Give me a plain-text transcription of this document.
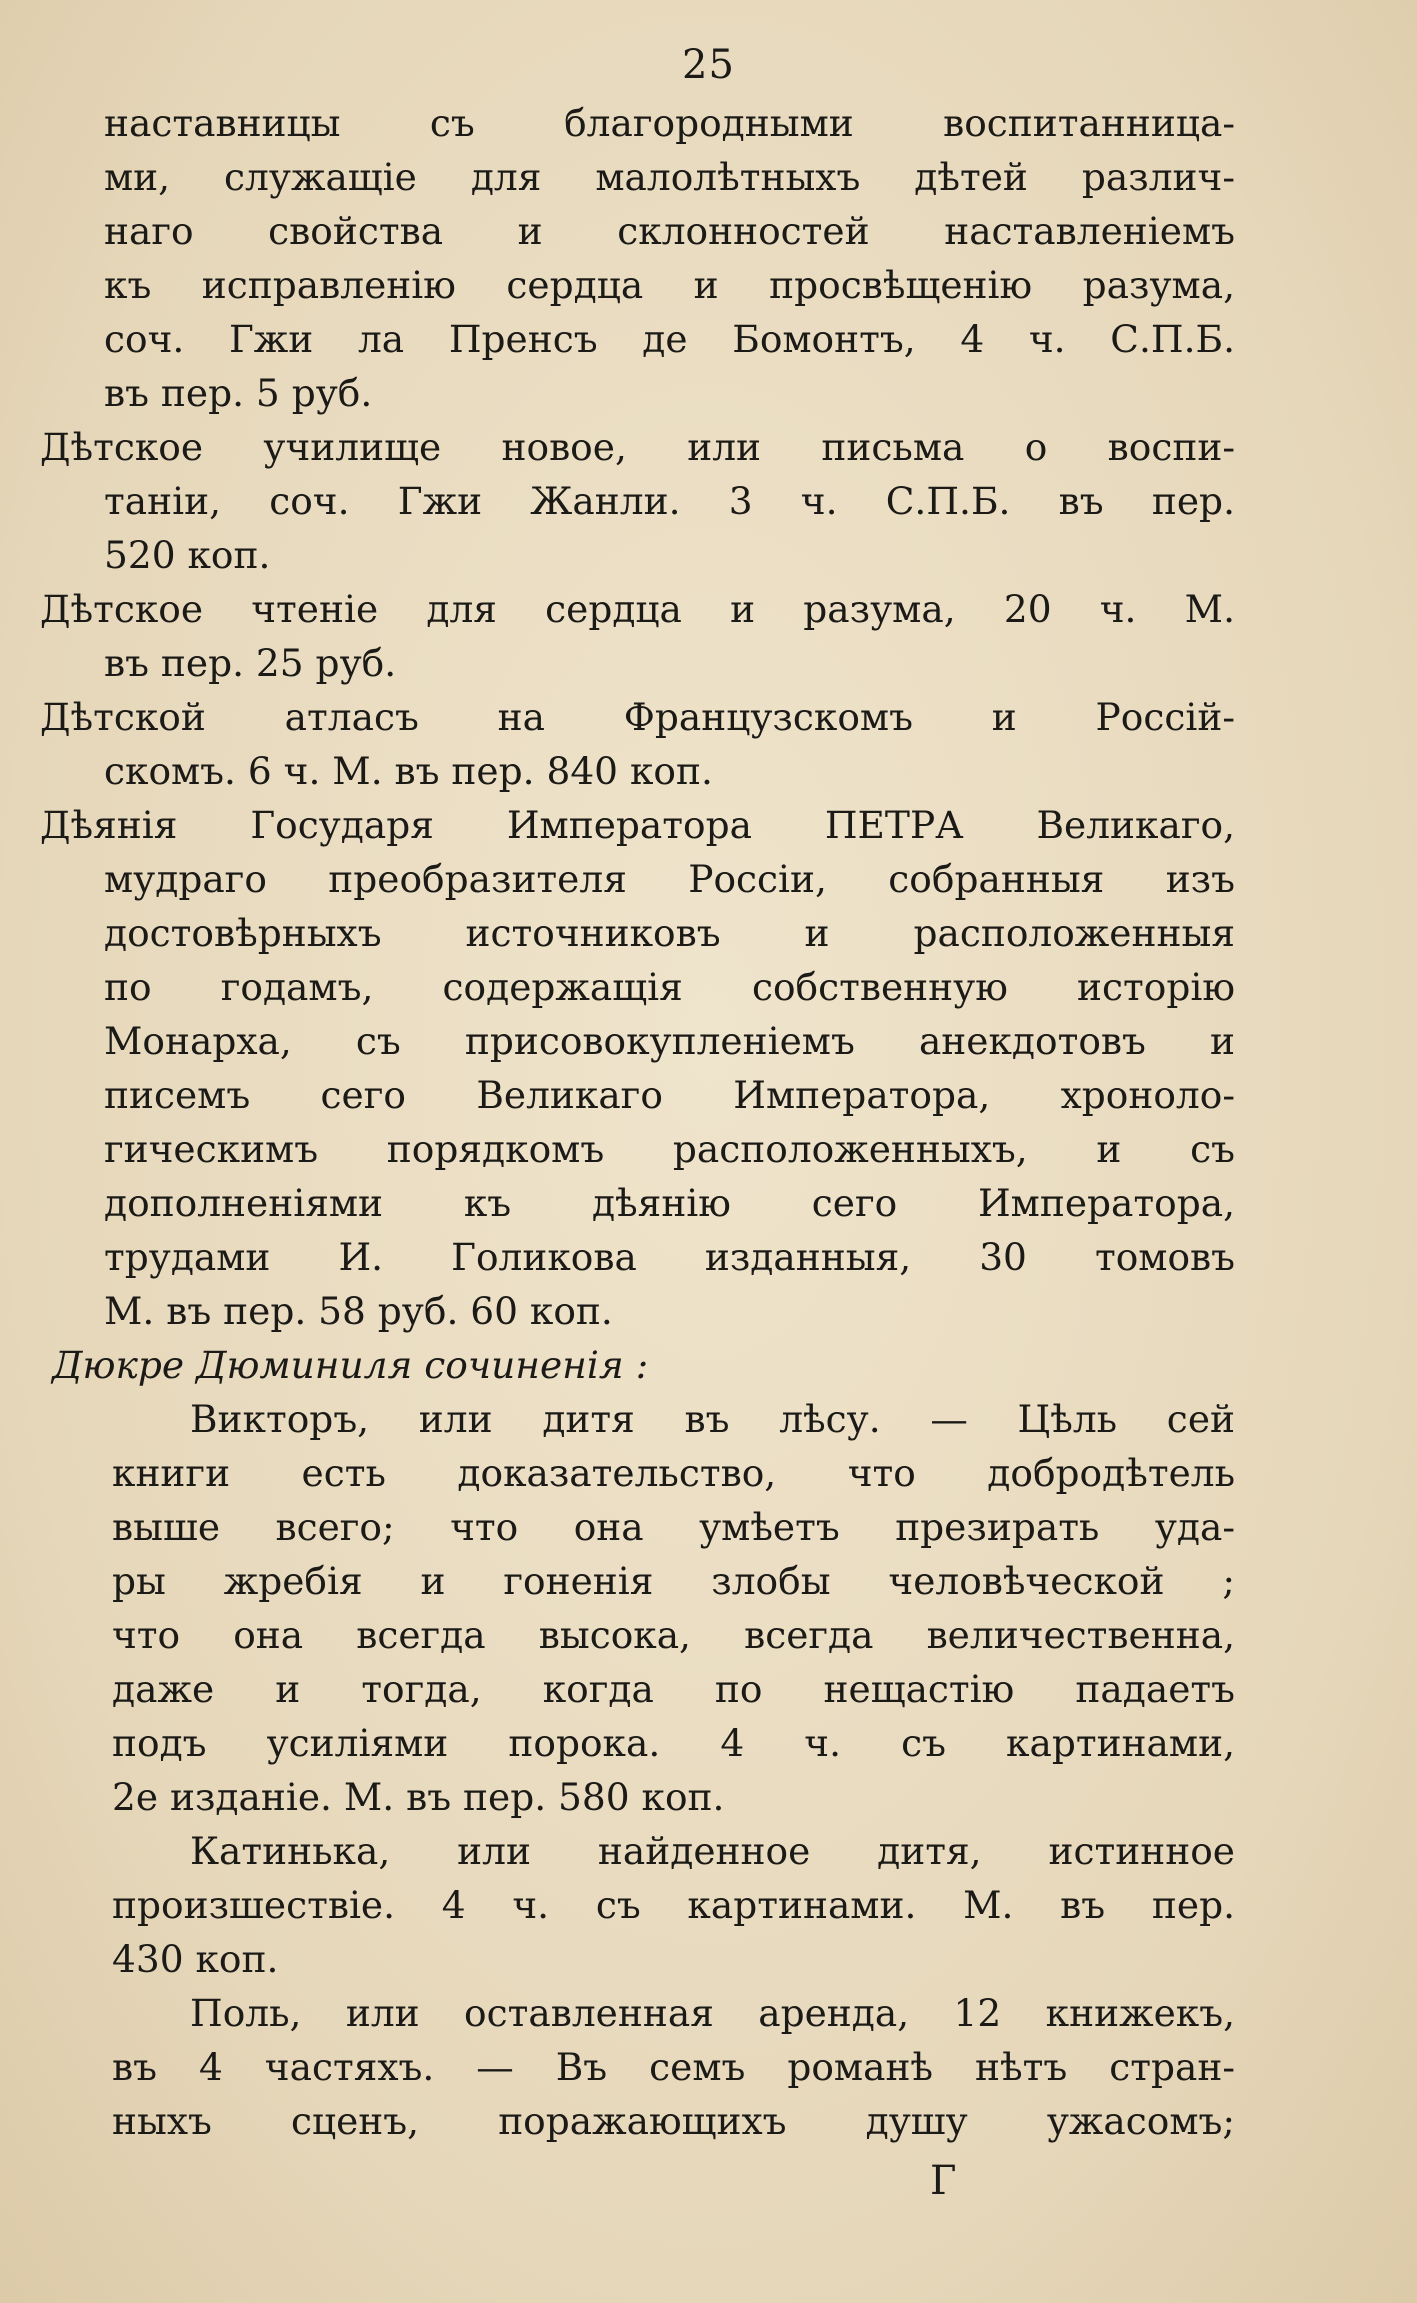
25
наставницы съ благородными воспитанница-
ми, служащіе для малолѣтныхъ дѣтей различ-
наго свойства и склонностей наставленіемъ
къ исправленію сердца и просвѣщенію разума,
соч. Гжи ла Пренсъ де Бомонтъ, 4 ч. С.П.Б.
въ пер. 5 руб.
Дѣтское училище новое, или письма о воспи-
таніи, соч. Гжи Жанли. 3 ч. С.П.Б. въ пер.
520 коп.
Дѣтское чтеніе для сердца и разума, 20 ч. М.
въ пер. 25 руб.
Дѣтской атласъ на Французскомъ и Россій-
скомъ. 6 ч. М. въ пер. 840 коп.
Дѣянія Государя Императора ПЕТРА Великаго,
мудраго преобразителя Россіи, собранныя изъ
достовѣрныхъ источниковъ и расположенныя
по годамъ, содержащія собственную исторію
Монарха, съ присовокупленіемъ анекдотовъ и
писемъ сего Великаго Императора, хроноло-
гическимъ порядкомъ расположенныхъ, и съ
дополненіями къ дѣянію сего Императора,
трудами И. Голикова изданныя, 30 томовъ
М. въ пер. 58 руб. 60 коп.
Дюкре Дюминиля сочиненія :
Викторъ, или дитя въ лѣсу. — Цѣль сей
книги есть доказательство, что добродѣтель
выше всего; что она умѣетъ презирать уда-
ры жребія и гоненія злобы человѣческой ;
что она всегда высока, всегда величественна,
даже и тогда, когда по нещастію падаетъ
подъ усиліями порока. 4 ч. съ картинами,
2е изданіе. М. въ пер. 580 коп.
Катинька, или найденное дитя, истинное
произшествіе. 4 ч. съ картинами. М. въ пер.
430 коп.
Поль, или оставленная аренда, 12 книжекъ,
въ 4 частяхъ. — Въ семъ романѣ нѣтъ стран-
ныхъ сценъ, поражающихъ душу ужасомъ;
Г
